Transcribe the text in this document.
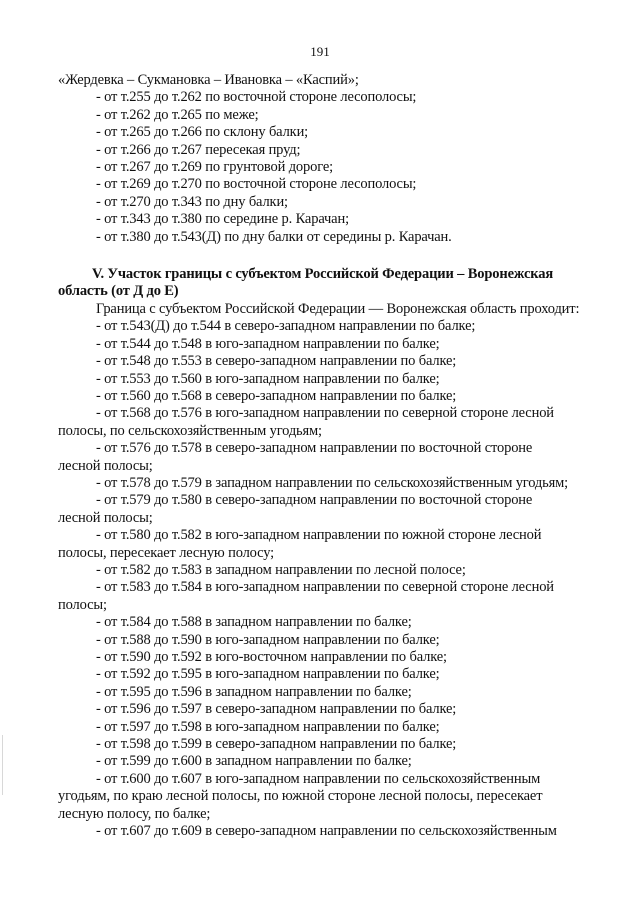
191

«Жердевка – Сукмановка – Ивановка – «Каспий»;

- от т.255 до т.262 по восточной стороне лесополосы;

- от т.262 до т.265 по меже;

- от т.265 до т.266 по склону балки;

- от т.266 до т.267 пересекая пруд;

- от т.267 до т.269 по грунтовой дороге;

- от т.269 до т.270 по восточной стороне лесополосы;

- от т.270 до т.343 по дну балки;

- от т.343 до т.380 по середине р. Карачан;

- от т.380 до т.543(Д) по дну балки от середины р. Карачан.

V. Участок границы с субъектом Российской Федерации – Воронежская
область (от Д до Е)

Граница с субъектом Российской Федерации — Воронежская область проходит:

- от т.543(Д) до т.544 в северо-западном направлении по балке;
- от т.544 до т.548 в юго-западном направлении по балке;
- от т.548 до т.553 в северо-западном направлении по балке;
- от т.553 до т.560 в юго-западном направлении по балке;
- от т.560 до т.568 в северо-западном направлении по балке;
- от т.568 до т.576 в юго-западном направлении по северной стороне лесной
полосы, по сельскохозяйственным угодьям;
- от т.576 до т.578 в северо-западном направлении по восточной стороне
лесной полосы;
- от т.578 до т.579 в западном направлении по сельскохозяйственным угодьям;
- от т.579 до т.580 в северо-западном направлении по восточной стороне
лесной полосы;
- от т.580 до т.582 в юго-западном направлении по южной стороне лесной
полосы, пересекает лесную полосу;
- от т.582 до т.583 в западном направлении по лесной полосе;
- от т.583 до т.584 в юго-западном направлении по северной стороне лесной
полосы;
- от т.584 до т.588 в западном направлении по балке;
- от т.588 до т.590 в юго-западном направлении по балке;
- от т.590 до т.592 в юго-восточном направлении по балке;
- от т.592 до т.595 в юго-западном направлении по балке;
- от т.595 до т.596 в западном направлении по балке;
- от т.596 до т.597 в северо-западном направлении по балке;
- от т.597 до т.598 в юго-западном направлении по балке;
- от т.598 до т.599 в северо-западном направлении по балке;
- от т.599 до т.600 в западном направлении по балке;
- от т.600 до т.607 в юго-западном направлении по сельскохозяйственным
угодьям, по краю лесной полосы, по южной стороне лесной полосы, пересекает
лесную полосу, по балке;
- от т.607 до т.609 в северо-западном направлении по сельскохозяйственным
